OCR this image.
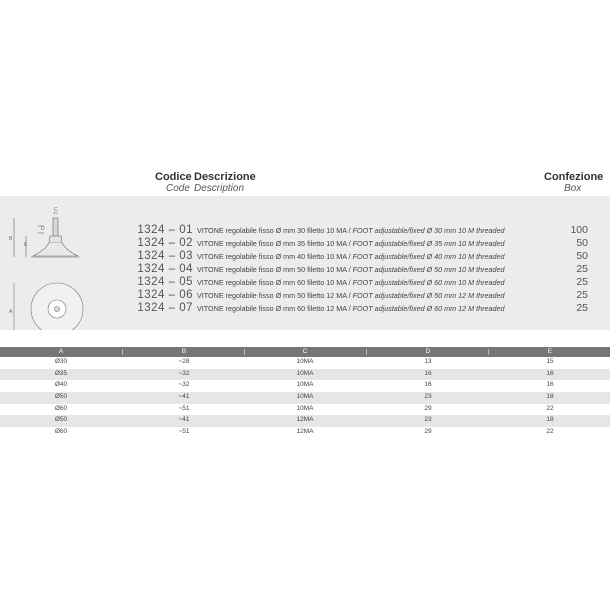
Codice Descrizione
Code Description
Confezione
Box
C
D
E
B
A
1324 – 01 VITONE regolabile fisso Ø mm 30 filetto 10 MA / FOOT adjustable/fixed Ø 30 mm 10 M threaded	100
1324 – 02 VITONE regolabile fisso Ø mm 35 filetto 10 MA / FOOT adjustable/fixed Ø 35 mm 10 M threaded	50
1324 – 03 VITONE regolabile fisso Ø mm 40 filetto 10 MA / FOOT adjustable/fixed Ø 40 mm 10 M threaded	50
1324 – 04 VITONE regolabile fisso Ø mm 50 filetto 10 MA / FOOT adjustable/fixed Ø 50 mm 10 M threaded	25
1324 – 05 VITONE regolabile fisso Ø mm 60 filetto 10 MA / FOOT adjustable/fixed Ø 60 mm 10 M threaded	25
1324 – 06 VITONE regolabile fisso Ø mm 50 filetto 12 MA / FOOT adjustable/fixed Ø 50 mm 12 M threaded	25
1324 – 07 VITONE regolabile fisso Ø mm 60 filetto 12 MA / FOOT adjustable/fixed Ø 60 mm 12 M threaded	25
A	B	C	D	E
Ø30	~28	10MA	13	15
Ø35	~32	10MA	16	16
Ø40	~32	10MA	16	16
Ø50	~41	10MA	23	18
Ø60	~51	10MA	29	22
Ø50	~41	12MA	23	18
Ø60	~51	12MA	29	22
